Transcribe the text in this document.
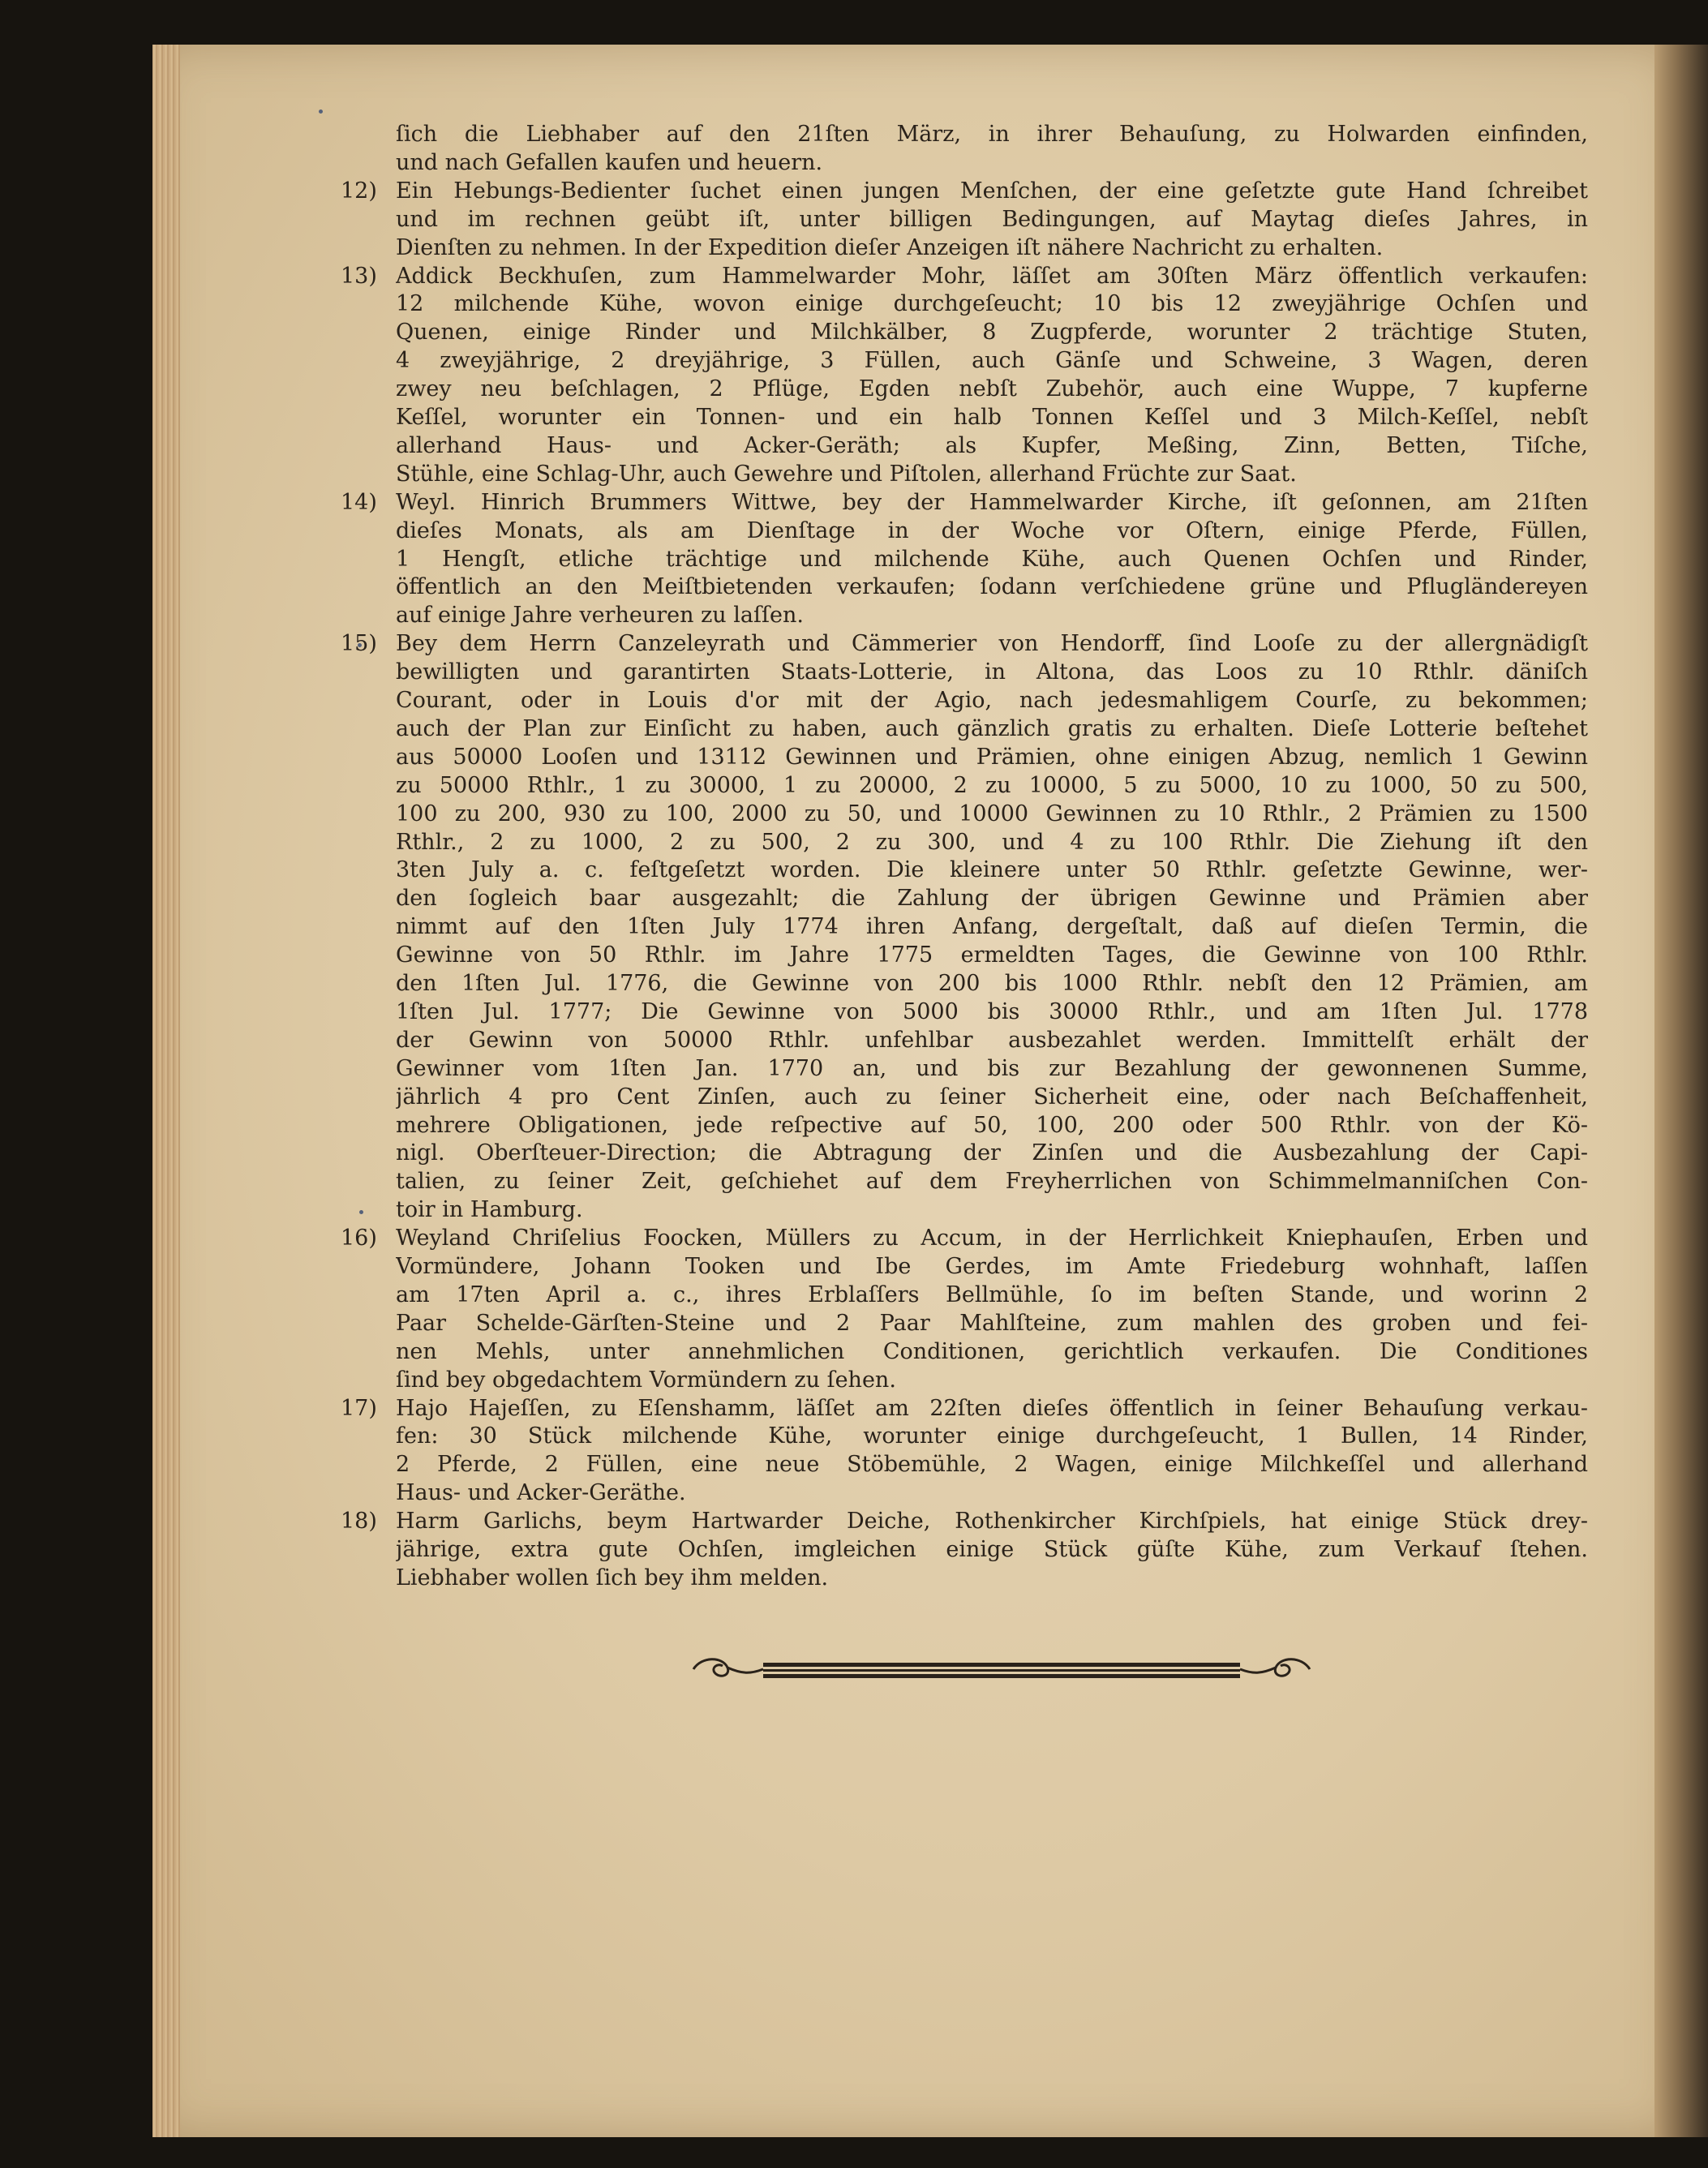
12)
13)
14)
15)
16)
17)
18)
ſich die Liebhaber auf den 21ſten März, in ihrer Behauſung, zu Holwarden einfinden,
und nach Gefallen kaufen und heuern.
Ein Hebungs-Bedienter ſuchet einen jungen Menſchen, der eine geſetzte gute Hand ſchreibet
und im rechnen geübt iſt, unter billigen Bedingungen, auf Maytag dieſes Jahres, in
Dienſten zu nehmen. In der Expedition dieſer Anzeigen iſt nähere Nachricht zu erhalten.
Addick Beckhuſen, zum Hammelwarder Mohr, läſſet am 30ſten März öffentlich verkaufen:
12 milchende Kühe, wovon einige durchgeſeucht; 10 bis 12 zweyjährige Ochſen und
Quenen, einige Rinder und Milchkälber, 8 Zugpferde, worunter 2 trächtige Stuten,
4 zweyjährige, 2 dreyjährige, 3 Füllen, auch Gänſe und Schweine, 3 Wagen, deren
zwey neu beſchlagen, 2 Pflüge, Egden nebſt Zubehör, auch eine Wuppe, 7 kupferne
Keſſel, worunter ein Tonnen- und ein halb Tonnen Keſſel und 3 Milch-Keſſel, nebſt
allerhand Haus- und Acker-Geräth; als Kupfer, Meßing, Zinn, Betten, Tiſche,
Stühle, eine Schlag-Uhr, auch Gewehre und Piſtolen, allerhand Früchte zur Saat.
Weyl. Hinrich Brummers Wittwe, bey der Hammelwarder Kirche, iſt geſonnen, am 21ſten
dieſes Monats, als am Dienſtage in der Woche vor Oſtern, einige Pferde, Füllen,
1 Hengſt, etliche trächtige und milchende Kühe, auch Quenen Ochſen und Rinder,
öffentlich an den Meiſtbietenden verkaufen; ſodann verſchiedene grüne und Pflugländereyen
auf einige Jahre verheuren zu laſſen.
Bey dem Herrn Canzeleyrath und Cämmerier von Hendorff, ſind Looſe zu der allergnädigſt
bewilligten und garantirten Staats-Lotterie, in Altona, das Loos zu 10 Rthlr. däniſch
Courant, oder in Louis d'or mit der Agio, nach jedesmahligem Courſe, zu bekommen;
auch der Plan zur Einſicht zu haben, auch gänzlich gratis zu erhalten. Dieſe Lotterie beſtehet
aus 50000 Looſen und 13112 Gewinnen und Prämien, ohne einigen Abzug, nemlich 1 Gewinn
zu 50000 Rthlr., 1 zu 30000, 1 zu 20000, 2 zu 10000, 5 zu 5000, 10 zu 1000, 50 zu 500,
100 zu 200, 930 zu 100, 2000 zu 50, und 10000 Gewinnen zu 10 Rthlr., 2 Prämien zu 1500
Rthlr., 2 zu 1000, 2 zu 500, 2 zu 300, und 4 zu 100 Rthlr. Die Ziehung iſt den
3ten July a. c. feſtgeſetzt worden. Die kleinere unter 50 Rthlr. geſetzte Gewinne, wer-
den ſogleich baar ausgezahlt; die Zahlung der übrigen Gewinne und Prämien aber
nimmt auf den 1ſten July 1774 ihren Anfang, dergeſtalt, daß auf dieſen Termin, die
Gewinne von 50 Rthlr. im Jahre 1775 ermeldten Tages, die Gewinne von 100 Rthlr.
den 1ſten Jul. 1776, die Gewinne von 200 bis 1000 Rthlr. nebſt den 12 Prämien, am
1ſten Jul. 1777; Die Gewinne von 5000 bis 30000 Rthlr., und am 1ſten Jul. 1778
der Gewinn von 50000 Rthlr. unfehlbar ausbezahlet werden. Immittelſt erhält der
Gewinner vom 1ſten Jan. 1770 an, und bis zur Bezahlung der gewonnenen Summe,
jährlich 4 pro Cent Zinſen, auch zu ſeiner Sicherheit eine, oder nach Beſchaffenheit,
mehrere Obligationen, jede reſpective auf 50, 100, 200 oder 500 Rthlr. von der Kö-
nigl. Oberſteuer-Direction; die Abtragung der Zinſen und die Ausbezahlung der Capi-
talien, zu ſeiner Zeit, geſchiehet auf dem Freyherrlichen von Schimmelmanniſchen Con-
toir in Hamburg.
Weyland Chriſelius Foocken, Müllers zu Accum, in der Herrlichkeit Kniephauſen, Erben und
Vormündere, Johann Tooken und Ibe Gerdes, im Amte Friedeburg wohnhaft, laſſen
am 17ten April a. c., ihres Erblaſſers Bellmühle, ſo im beſten Stande, und worinn 2
Paar Schelde-Gärſten-Steine und 2 Paar Mahlſteine, zum mahlen des groben und fei-
nen Mehls, unter annehmlichen Conditionen, gerichtlich verkaufen. Die Conditiones
ſind bey obgedachtem Vormündern zu ſehen.
Hajo Hajeſſen, zu Eſenshamm, läſſet am 22ſten dieſes öffentlich in ſeiner Behauſung verkau-
fen: 30 Stück milchende Kühe, worunter einige durchgeſeucht, 1 Bullen, 14 Rinder,
2 Pferde, 2 Füllen, eine neue Stöbemühle, 2 Wagen, einige Milchkeſſel und allerhand
Haus- und Acker-Geräthe.
Harm Garlichs, beym Hartwarder Deiche, Rothenkircher Kirchſpiels, hat einige Stück drey-
jährige, extra gute Ochſen, imgleichen einige Stück güſte Kühe, zum Verkauf ſtehen.
Liebhaber wollen ſich bey ihm melden.
